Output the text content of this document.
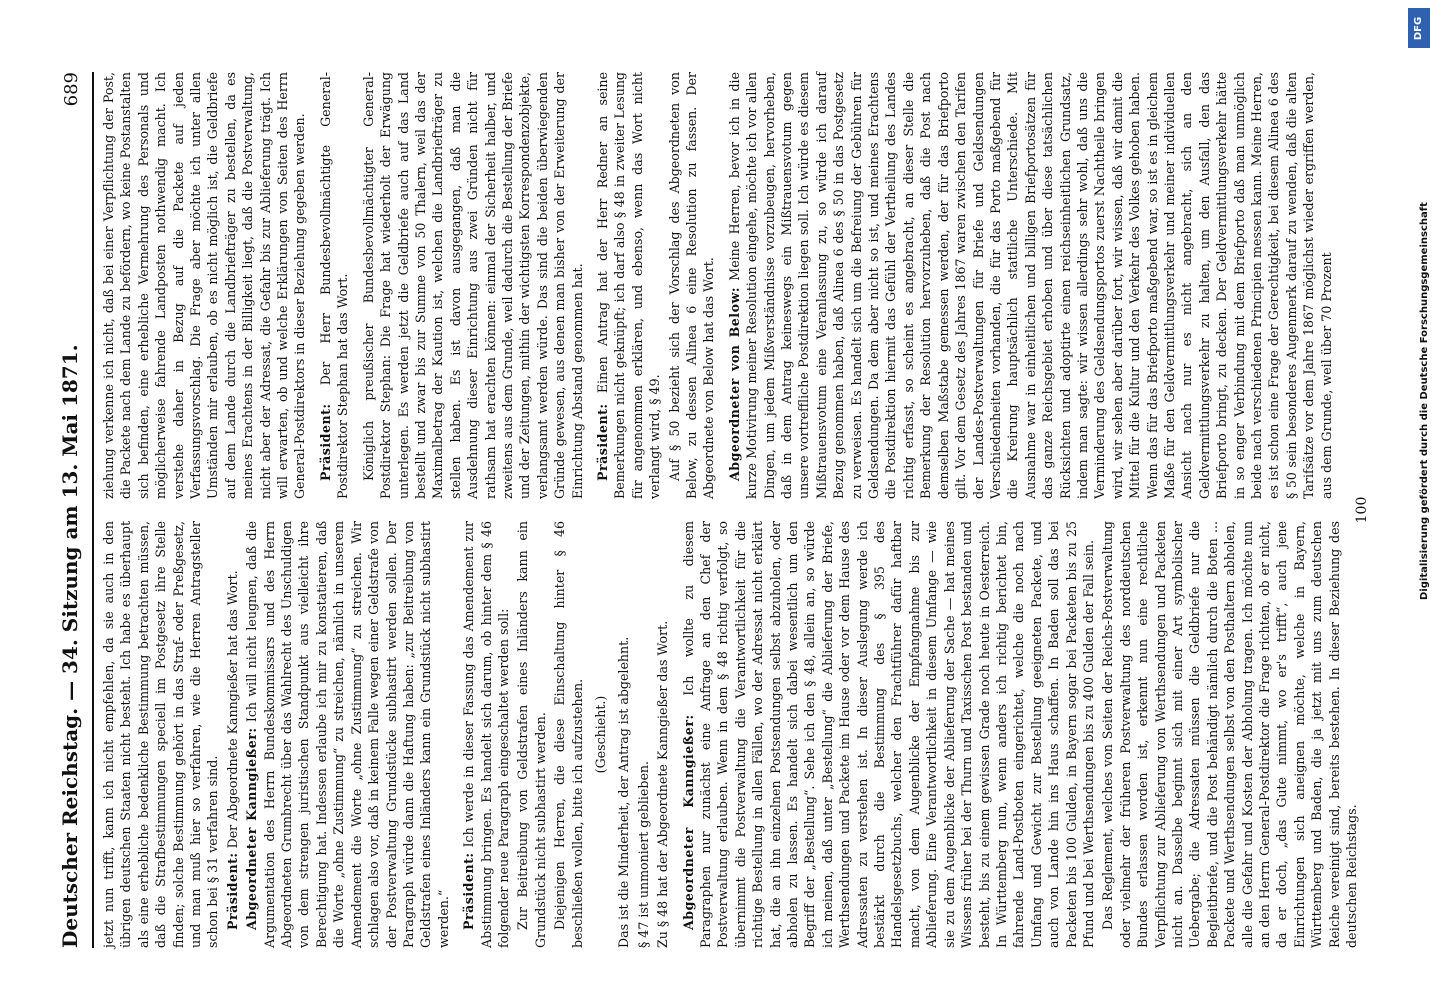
Deutscher Reichstag. — 34. Sitzung am 13. Mai 1871.
689

jetzt nun trifft, kann ich nicht empfehlen, da sie auch in den übrigen deutschen Staaten nicht besteht. Ich habe es überhaupt als eine erhebliche bedenkliche Bestimmung betrachten müssen, daß die Strafbestimmungen speciell im Postgesetz ihre Stelle finden; solche Bestimmung gehört in das Straf- oder Preßgesetz, und man muß hier so verfahren, wie die Herren Antragsteller schon bei § 31 verfahren sind. Präsident: Der Abgeordnete Kanngießer hat das Wort. Abgeordneter Kanngießer: Ich will nicht leugnen, daß die Argumentation des Herrn Bundeskommissars und des Herrn Abgeordneten Grumbrecht über das Wahlrecht des Unschuldigen von dem strengen juristischen Standpunkt aus vielleicht ihre Berechtigung hat. Indessen erlaube ich mir zu konstatieren, daß die Worte „ohne Zustimmung“ zu streichen, nämlich in unserem Amendement die Worte „ohne Zustimmung“ zu streichen. Wir schlagen also vor, daß in keinem Falle wegen einer Geldstrafe von der Postverwaltung Grundstücke subhastirt werden sollen. Der Paragraph würde dann die Haftung haben: „zur Beitreibung von Geldstrafen eines Inländers kann ein Grundstück nicht subhastirt werden.“ Präsident: Ich werde in dieser Fassung das Amendement zur Abstimmung bringen. Es handelt sich darum, ob hinter dem § 46 folgender neue Paragraph eingeschaltet werden soll: Zur Beitreibung von Geldstrafen eines Inländers kann ein Grundstück nicht subhastirt werden. Diejenigen Herren, die diese Einschaltung hinter § 46 beschließen wollen, bitte ich aufzustehen. (Geschieht.) Das ist die Minderheit, der Antrag ist abgelehnt. § 47 ist unmoniert geblieben. Zu § 48 hat der Abgeordnete Kanngießer das Wort. Abgeordneter Kanngießer: Ich wollte zu diesem Paragraphen nur zunächst eine Anfrage an den Chef der Postverwaltung erlauben. Wenn in dem § 48 richtig verfolgt, so übernimmt die Postverwaltung die Verantwortlichkeit für die richtige Bestellung in allen Fällen, wo der Adressat nicht erklärt hat, die an ihn einzelnen Postsendungen selbst abzuholen, oder abholen zu lassen. Es handelt sich dabei wesentlich um den Begriff der „Bestellung“. Sehe ich den § 48, allein an, so würde ich meinen, daß unter „Bestellung“ die Ablieferung der Briefe, Werthsendungen und Packete im Hause oder vor dem Hause des Adressaten zu verstehen ist. In dieser Auslegung werde ich bestärkt durch die Bestimmung des § 395 des Handelsgesetzbuchs, welcher den Frachtführer dafür haftbar macht, von dem Augenblicke der Empfangnahme bis zur Ablieferung. Eine Verantwortlichkeit in diesem Umfange — wie sie zu dem Augenblicke der Ablieferung der Sache — hat meines Wissens früher bei der Thurn und Taxisschen Post bestanden und besteht, bis zu einem gewissen Grade noch heute in Oesterreich. In Württemberg nun, wenn anders ich richtig berichtet bin, fahrende Land-Postboten eingerichtet, welche die noch nach Umfang und Gewicht zur Bestellung geeigneten Packete, und auch von Lande hin ins Haus schaffen. In Baden soll das bei Packeten bis 100 Gulden, in Bayern sogar bei Packeten bis zu 25 Pfund und bei Werthsendungen bis zu 400 Gulden der Fall sein. Das Reglement, welches von Seiten der Reichs-Postverwaltung oder vielmehr der früheren Postverwaltung des norddeutschen Bundes erlassen worden ist, erkennt nun eine rechtliche Verpflichtung zur Ablieferung von Werthsendungen und Packeten nicht an. Dasselbe beginnt sich mit einer Art symbolischer Uebergabe; die Adressaten müssen die Geldbriefe nur die Begleitbriefe, und die Post behändigt nämlich durch die Boten ... Packete und Werthsendungen selbst von den Posthaltern abholen, alle die Gefahr und Kosten der Abholung tragen. Ich möchte nun an den Herrn General-Postdirektor die Frage richten, ob er nicht, da er doch, „das Gute nimmt, wo er's trifft“, auch jene Einrichtungen sich aneignen möchte, welche in Bayern, Württemberg und Baden, die ja jetzt mit uns zum deutschen Reiche vereinigt sind, bereits bestehen. In dieser Beziehung des deutschen Reichstags.

ziehung verkenne ich nicht, daß bei einer Verpflichtung der Post, die Packete nach dem Lande zu befördern, wo keine Postanstalten sich befinden, eine erhebliche Vermehrung des Personals und möglicherweise fahrende Landposten nothwendig macht. Ich verstehe daher in Bezug auf die Packete auf jeden Verfassungsvorschlag. Die Frage aber möchte ich unter allen Umständen mir erlauben, ob es nicht möglich ist, die Geldbriefe auf dem Lande durch die Landbriefträger zu bestellen, da es meines Erachtens in der Billigkeit liegt, daß die Postverwaltung, nicht aber der Adressat, die Gefahr bis zur Ablieferung trägt. Ich will erwarten, ob und welche Erklärungen von Seiten des Herrn General-Postdirektors in dieser Beziehung gegeben werden. Präsident: Der Herr Bundesbevollmächtigte General-Postdirektor Stephan hat das Wort. Königlich preußischer Bundesbevollmächtigter General-Postdirektor Stephan: Die Frage hat wiederholt der Erwägung unterlegen. Es werden jetzt die Geldbriefe auch auf das Land bestellt und zwar bis zur Summe von 50 Thalern, weil das der Maximalbetrag der Kaution ist, welchen die Landbriefträger zu stellen haben. Es ist davon ausgegangen, daß man die Ausdehnung dieser Einrichtung aus zwei Gründen nicht für rathsam hat erachten können: einmal der Sicherheit halber, und zweitens aus dem Grunde, weil dadurch die Bestellung der Briefe und der Zeitungen, mithin der wichtigsten Korrespondenzobjekte, verlangsamt werden würde. Das sind die beiden überwiegenden Gründe gewesen, aus denen man bisher von der Erweiterung der Einrichtung Abstand genommen hat. Präsident: Einen Antrag hat der Herr Redner an seine Bemerkungen nicht geknüpft; ich darf also § 48 in zweiter Lesung für angenommen erklären, und ebenso, wenn das Wort nicht verlangt wird, § 49. Auf § 50 bezieht sich der Vorschlag des Abgeordneten von Below, zu dessen Alinea 6 eine Resolution zu fassen. Der Abgeordnete von Below hat das Wort. Abgeordneter von Below: Meine Herren, bevor ich in die kurze Motivirung meiner Resolution eingehe, möchte ich vor allen Dingen, um jedem Mißverständnisse vorzubeugen, hervorheben, daß in dem Antrag keineswegs ein Mißtrauensvotum gegen unsere vortreffliche Postdirektion liegen soll. Ich würde es diesem Mißtrauensvotum eine Veranlassung zu, so würde ich darauf Bezug genommen haben, daß Alinea 6 des § 50 in das Postgesetz zu verweisen. Es handelt sich um die Befreiung der Gebühren für Geldsendungen. Da dem aber nicht so ist, und meines Erachtens die Postdirektion hiermit das Gefühl der Vertheilung des Landes richtig erfasst, so scheint es angebracht, an dieser Stelle die Bemerkung der Resolution hervorzuheben, daß die Post nach demselben Maßstabe gemessen werden, der für das Briefporto gilt. Vor dem Gesetz des Jahres 1867 waren zwischen den Tarifen der Landes-Postverwaltungen für Briefe und Geldsendungen Verschiedenheiten vorhanden, die für das Porto maßgebend für die Kreirung hauptsächlich stattliche Unterschiede. Mit Ausnahme war in einheitlichen und billigen Briefportosätzen für das ganze Reichsgebiet erhoben und über diese tatsächlichen Rücksichten und adoptirte einen reichseinheitlichen Grundsatz, indem man sagte: wir wissen allerdings sehr wohl, daß uns die Verminderung des Geldsendungsportos zuerst Nachtheile bringen wird, wir sehen aber darüber fort, wir wissen, daß wir damit die Mittel für die Kultur und den Verkehr des Volkes gehoben haben. Wenn das für das Briefporto maßgebend war, so ist es in gleichem Maße für den Geldvermittlungsverkehr und meiner individuellen Ansicht nach nur es nicht angebracht, sich an den Geldvermittlungsverkehr zu halten, um den Ausfall, den das Briefporto bringt, zu decken. Der Geldvermittlungsverkehr hätte in so enger Verbindung mit dem Briefporto daß man unmöglich beide nach verschiedenen Principien messen kann. Meine Herren, es ist schon eine Frage der Gerechtigkeit, bei diesem Alinea 6 des § 50 sein besonderes Augenmerk darauf zu wenden, daß die alten Tarifsätze vor dem Jahre 1867 möglichst wieder ergriffen werden, aus dem Grunde, weil über 70 Prozent

100
DFG
Digitalisierung gefördert durch die Deutsche Forschungsgemeinschaft
